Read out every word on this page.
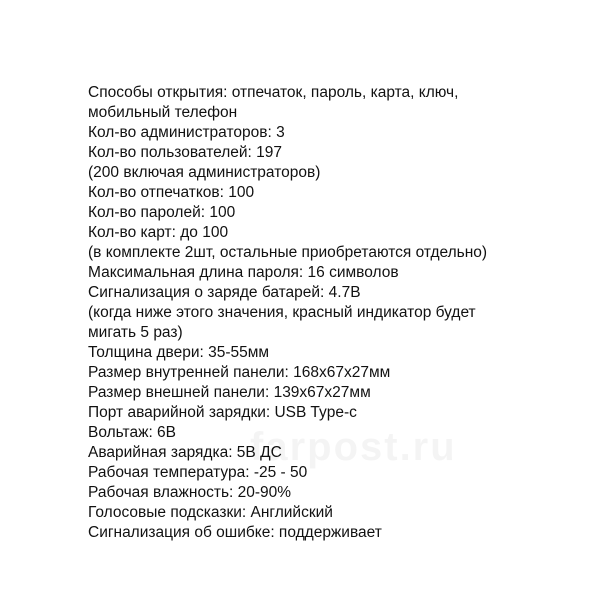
Способы открытия: отпечаток, пароль, карта, ключ,

мобильный телефон

Кол-во администраторов: 3

Кол-во пользователей: 197

(200 включая администраторов)

Кол-во отпечатков: 100

Кол-во паролей: 100

Кол-во карт: до 100

(в комплекте 2шт, остальные приобретаются отдельно)

Максимальная длина пароля: 16 символов

Сигнализация о заряде батарей: 4.7В

(когда ниже этого значения, красный индикатор будет

мигать 5 раз)

Толщина двери: 35-55мм

Размер внутренней панели: 168х67х27мм

Размер внешней панели: 139х67х27мм

Порт аварийной зарядки: USB Type-c

Вольтаж: 6В

Аварийная зарядка: 5В ДС

Рабочая температура: -25 - 50

Рабочая влажность: 20-90%

Голосовые подсказки: Английский

Сигнализация об ошибке: поддерживает
